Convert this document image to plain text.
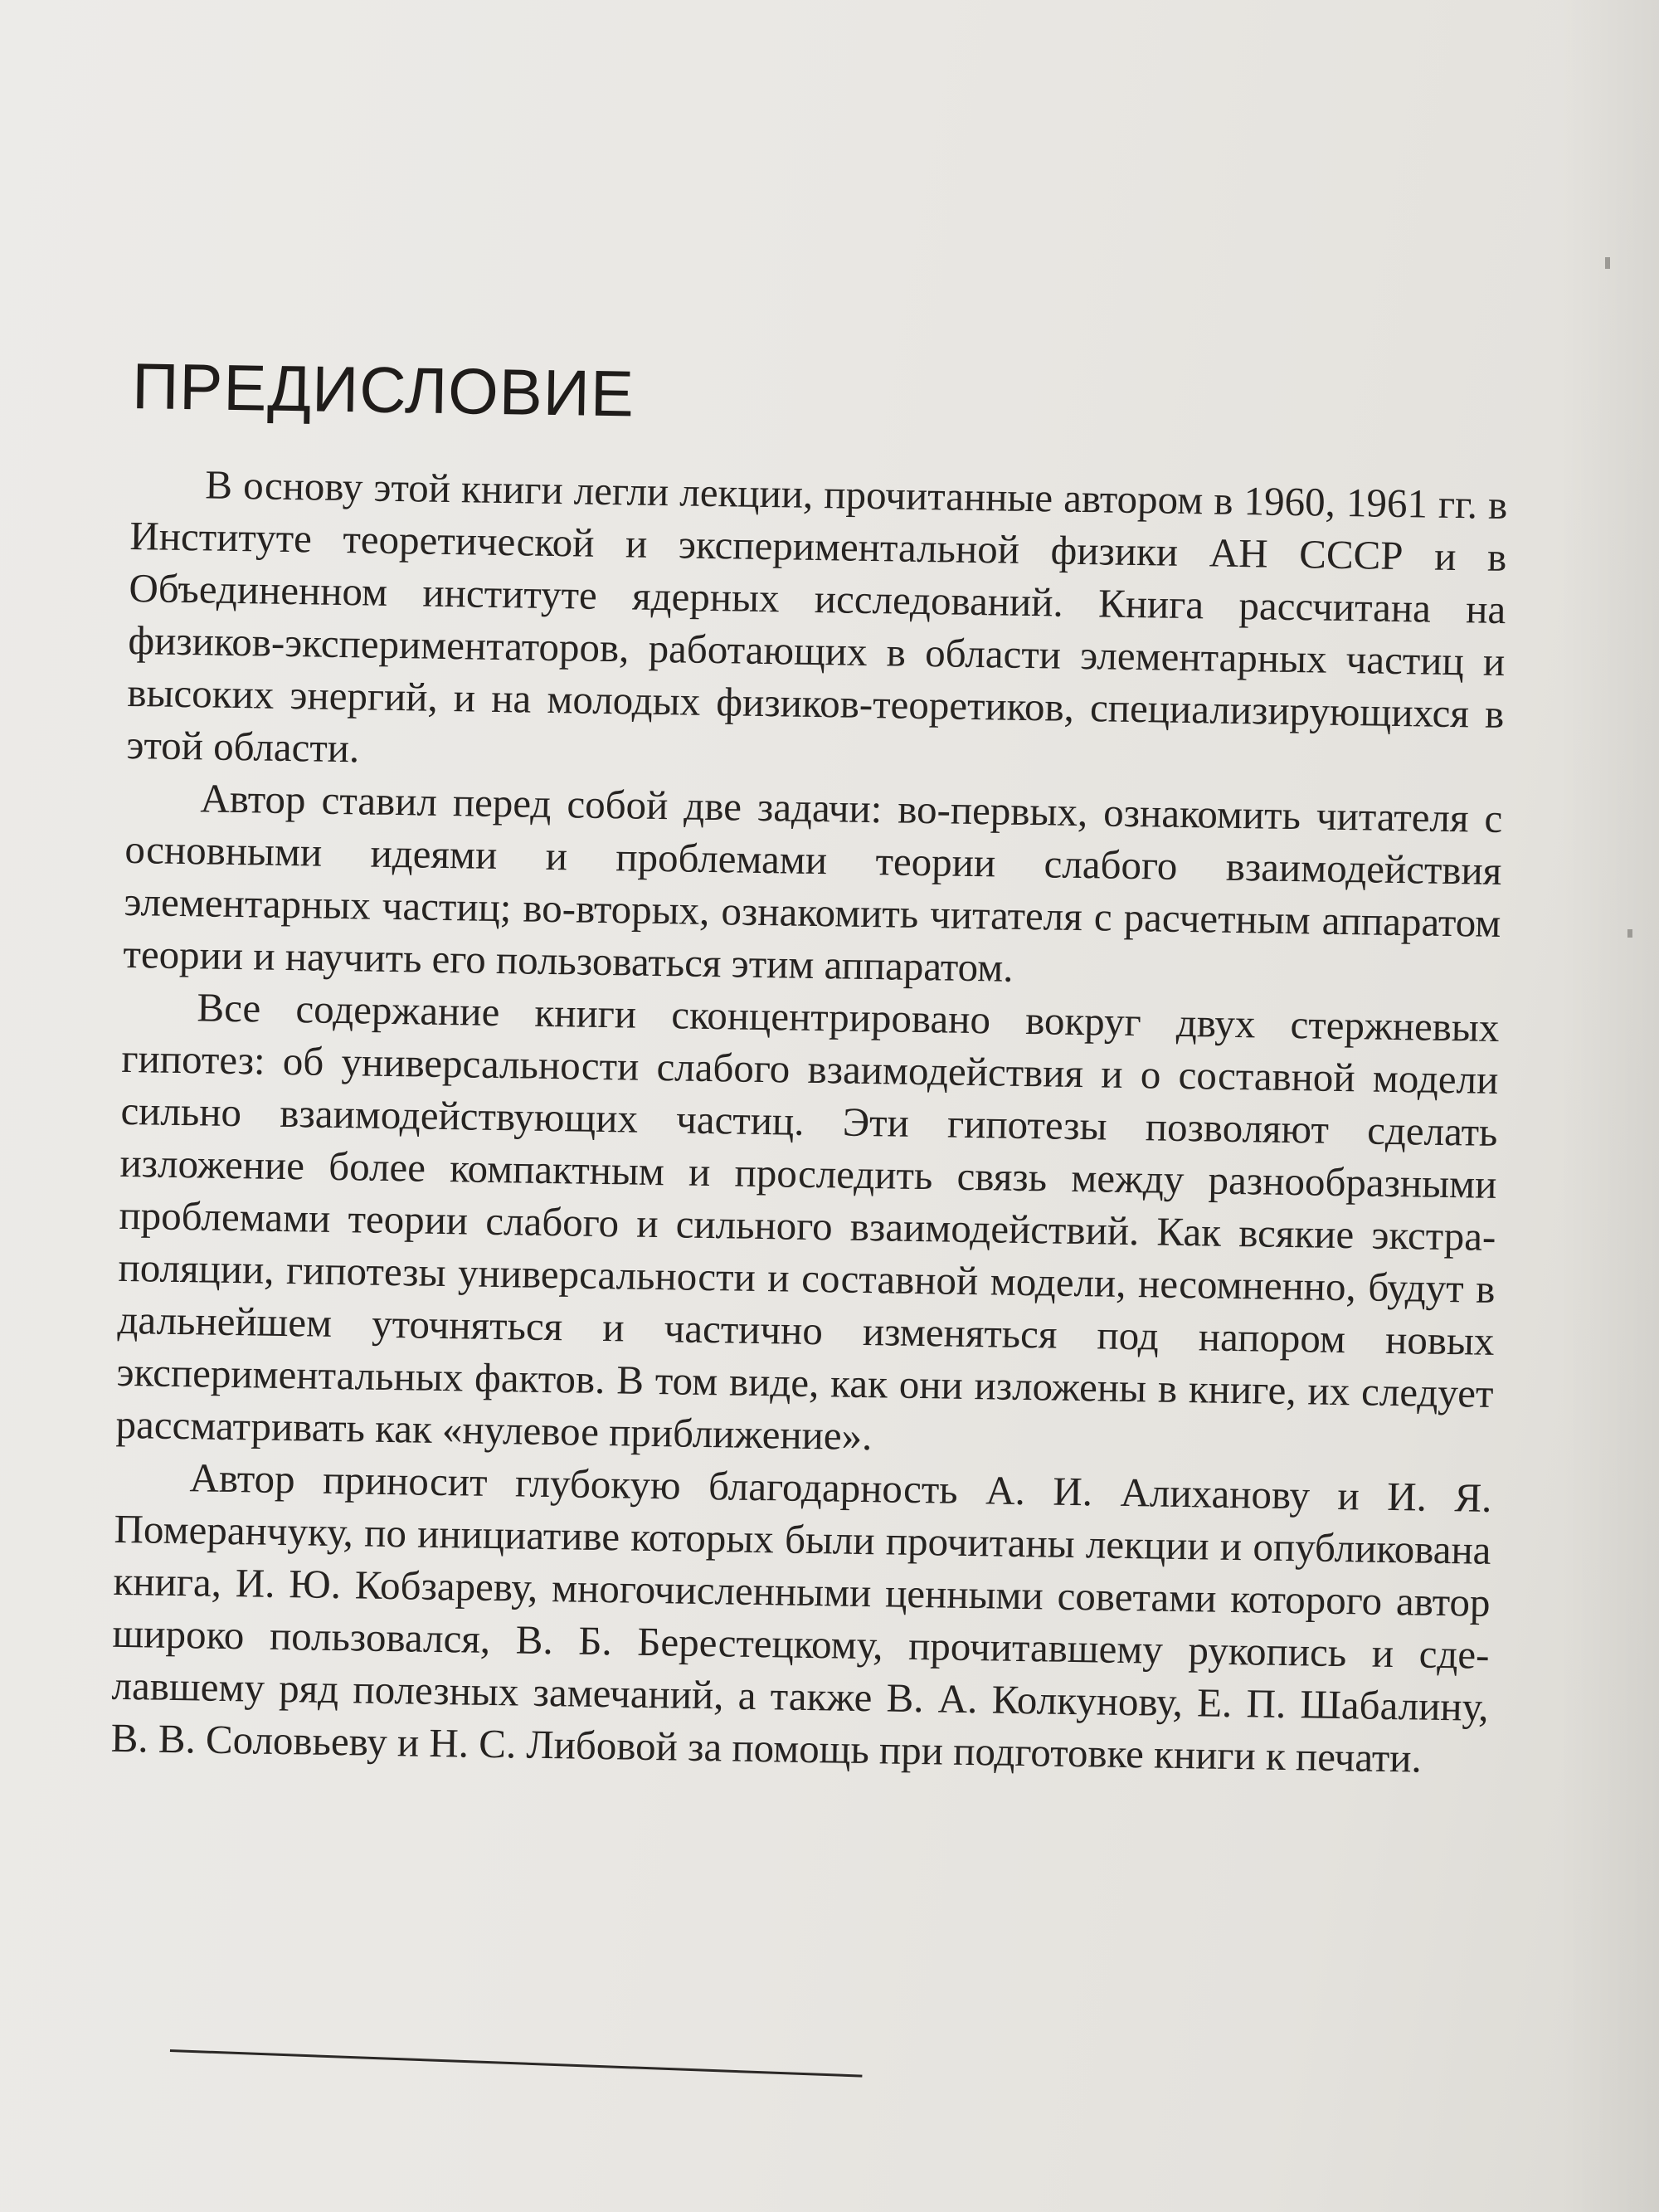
ПРЕДИСЛОВИЕ

В основу этой книги легли лекции, прочитанные автором в 1960, 1961 гг. в Институте теоретической и экспериментальной физики АН СССР и в Объединенном институте ядерных исследований. Книга рассчитана на физиков-экспериментаторов, работающих в области элементарных частиц и высоких энергий, и на молодых физиков-теоретиков, специализирующихся в этой области.

Автор ставил перед собой две задачи: во-первых, ознакомить читателя с основными идеями и проблемами теории слабого взаимодействия элементарных частиц; во-вторых, ознакомить читателя с расчетным аппаратом теории и научить его пользоваться этим аппаратом.

Все содержание книги сконцентрировано вокруг двух стержневых гипотез: об универсальности слабого взаимодействия и о составной модели сильно взаимодействующих частиц. Эти гипотезы позволяют сделать изложение более компактным и проследить связь между разнообразными проблемами теории слабого и сильного взаимодействий. Как всякие экстраполяции, гипотезы универсальности и составной модели, несомненно, будут в дальнейшем уточняться и частично изменяться под напором новых экспериментальных фактов. В том виде, как они изложены в книге, их следует рассматривать как «нулевое приближение».

Автор приносит глубокую благодарность А. И. Алиханову и И. Я. Померанчуку, по инициативе которых были прочитаны лекции и опубликована книга, И. Ю. Кобзареву, многочисленными ценными советами которого автор широко пользовался, В. Б. Берестецкому, прочитавшему рукопись и сделавшему ряд полезных замечаний, а также В. А. Колкунову, Е. П. Шабалину, В. В. Соловьеву и Н. С. Либовой за помощь при подготовке книги к печати.
